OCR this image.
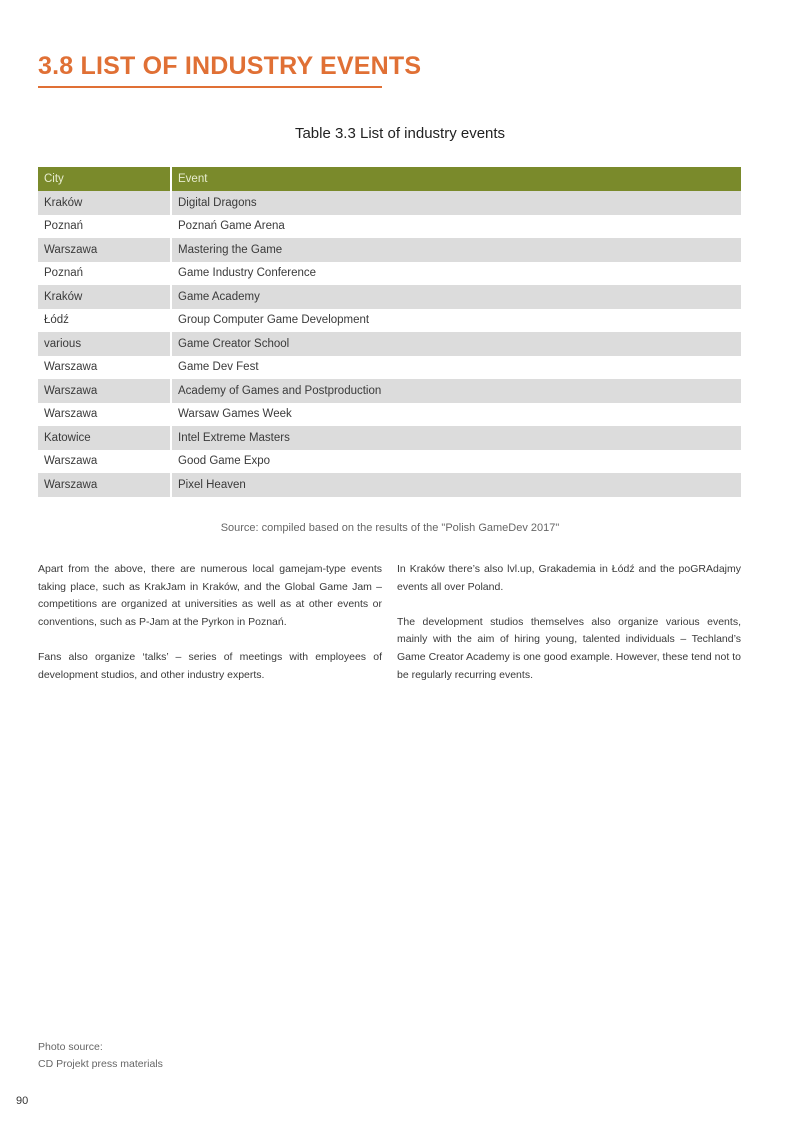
3.8 LIST OF INDUSTRY EVENTS
Table 3.3 List of industry events
City	Event
Kraków	Digital Dragons
Poznań	Poznań Game Arena
Warszawa	Mastering the Game
Poznań	Game Industry Conference
Kraków	Game Academy
Łódź	Group Computer Game Development
various	Game Creator School
Warszawa	Game Dev Fest
Warszawa	Academy of Games and Postproduction
Warszawa	Warsaw Games Week
Katowice	Intel Extreme Masters
Warszawa	Good Game Expo
Warszawa	Pixel Heaven
Source: compiled based on the results of the "Polish GameDev 2017"

Apart from the above, there are numerous local gamejam-type events taking place, such as KrakJam in Kraków, and the Global Game Jam – competitions are organized at universities as well as at other events or conventions, such as P-Jam at the Pyrkon in Poznań.

Fans also organize ‘talks’ – series of meetings with employees of development studios, and other industry experts.

In Kraków there’s also lvl.up, Grakademia in Łódź and the poGRAdajmy events all over Poland.

The development studios themselves also organize various events, mainly with the aim of hiring young, talented individuals – Techland’s Game Creator Academy is one good example. However, these tend not to be regularly recurring events.

Photo source:
CD Projekt press materials
90
